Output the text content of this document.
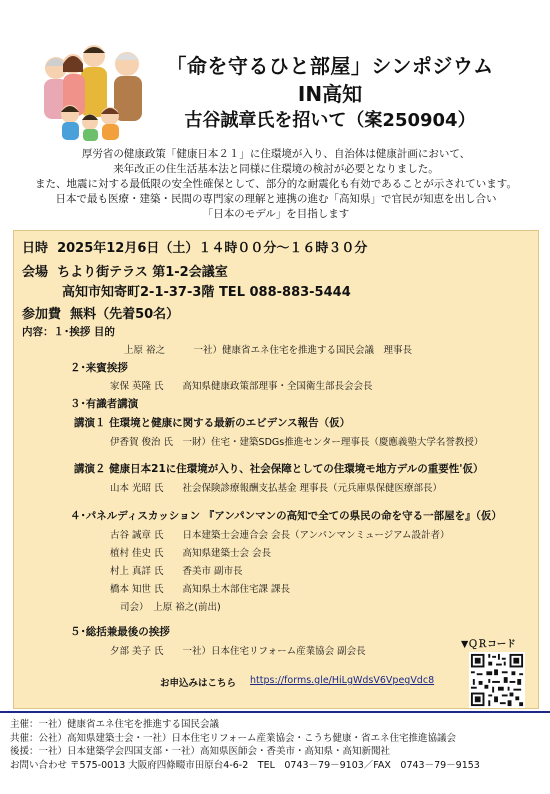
「命を守るひと部屋」シンポジウム
IN高知
古谷誠章氏を招いて（案250904）
厚労省の健康政策「健康日本２１」に住環境が入り、自治体は健康計画において、
来年改正の住生活基本法と同様に住環境の検討が必要となりました。
また、地震に対する最低限の安全性確保として、部分的な耐震化も有効であることが示されています。
日本で最も医療・建築・民間の専門家の理解と連携の進む「高知県」で官民が知恵を出し合い
「日本のモデル」を目指します
日時 2025年12月6日（土）１４時００分～１６時３０分
会場 ちより街テラス 第1-2会議室
高知市知寄町2-1-37-3階 TEL 088-883-5444
参加費 無料（先着50名）
内容：１･挨拶 目的
上原 裕之　　　一社）健康省エネ住宅を推進する国民会議　理事長
２･来賓挨拶
家保 英隆 氏　　高知県健康政策部理事・全国衛生部長会会長
３･有識者講演
講演１ 住環境と健康に関する最新のエビデンス報告（仮）
伊香賀 俊治 氏　一財）住宅・建築SDGs推進センター理事長（慶應義塾大学名誉教授）
講演２ 健康日本21に住環境が入り、社会保障としての住環境モ地方デルの重要性'仮）
山本 光昭 氏　　社会保険診療報酬支払基金 理事長（元兵庫県保健医療部長）
４･パネルディスカッション 『アンパンマンの高知で全ての県民の命を守る一部屋を』（仮）
古谷 誠章 氏　　日本建築士会連合会 会長（アンパンマンミュージアム設計者）
植村 佳史 氏　　高知県建築士会 会長
村上 真詳 氏　　香美市 副市長
橋本 知世 氏　　高知県土木部住宅課 課長
司会）　上原 裕之(前出)
５･総括兼最後の挨拶
夕部 美子 氏　　一社）日本住宅リフォーム産業協会 副会長
▼ＱＲコード
お申込みはこちら https://forms.gle/HiLgWdsV6VpegVdc8
主催：一社）健康省エネ住宅を推進する国民会議
共催：公社）高知県建築士会・一社）日本住宅リフォーム産業協会・こうち健康・省エネ住宅推進協議会
後援：一社）日本建築学会四国支部・一社）高知県医師会・香美市・高知県・高知新聞社
お問い合わせ 〒575-0013 大阪府四條畷市田原台4-6-2　TEL　0743－79－9103／FAX　0743－79－9153
